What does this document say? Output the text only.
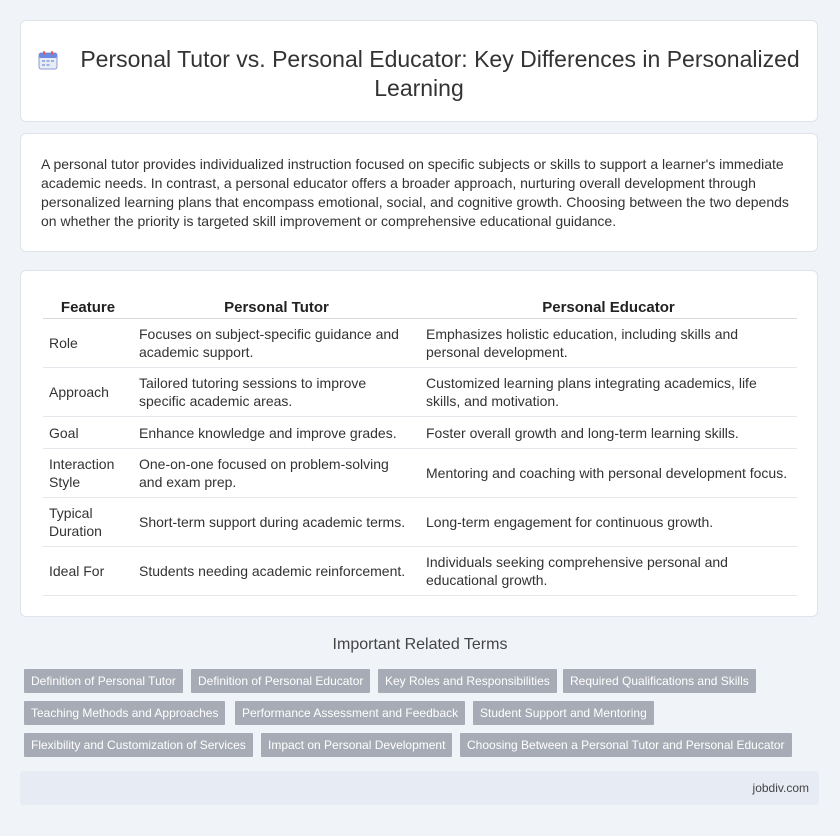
Personal Tutor vs. Personal Educator: Key Differences in Personalized Learning

A personal tutor provides individualized instruction focused on specific subjects or skills to support a learner's immediate academic needs. In contrast, a personal educator offers a broader approach, nurturing overall development through personalized learning plans that encompass emotional, social, and cognitive growth. Choosing between the two depends on whether the priority is targeted skill improvement or comprehensive educational guidance.

Feature	Personal Tutor	Personal Educator
Role	Focuses on subject-specific guidance and academic support.	Emphasizes holistic education, including skills and personal development.
Approach	Tailored tutoring sessions to improve specific academic areas.	Customized learning plans integrating academics, life skills, and motivation.
Goal	Enhance knowledge and improve grades.	Foster overall growth and long-term learning skills.
Interaction Style	One-on-one focused on problem-solving and exam prep.	Mentoring and coaching with personal development focus.
Typical Duration	Short-term support during academic terms.	Long-term engagement for continuous growth.
Ideal For	Students needing academic reinforcement.	Individuals seeking comprehensive personal and educational growth.
Important Related Terms
Definition of Personal Tutor	Definition of Personal Educator	Key Roles and Responsibilities	Required Qualifications and Skills
Teaching Methods and Approaches	Performance Assessment and Feedback	Student Support and Mentoring
Flexibility and Customization of Services	Impact on Personal Development	Choosing Between a Personal Tutor and Personal Educator
jobdiv.com
